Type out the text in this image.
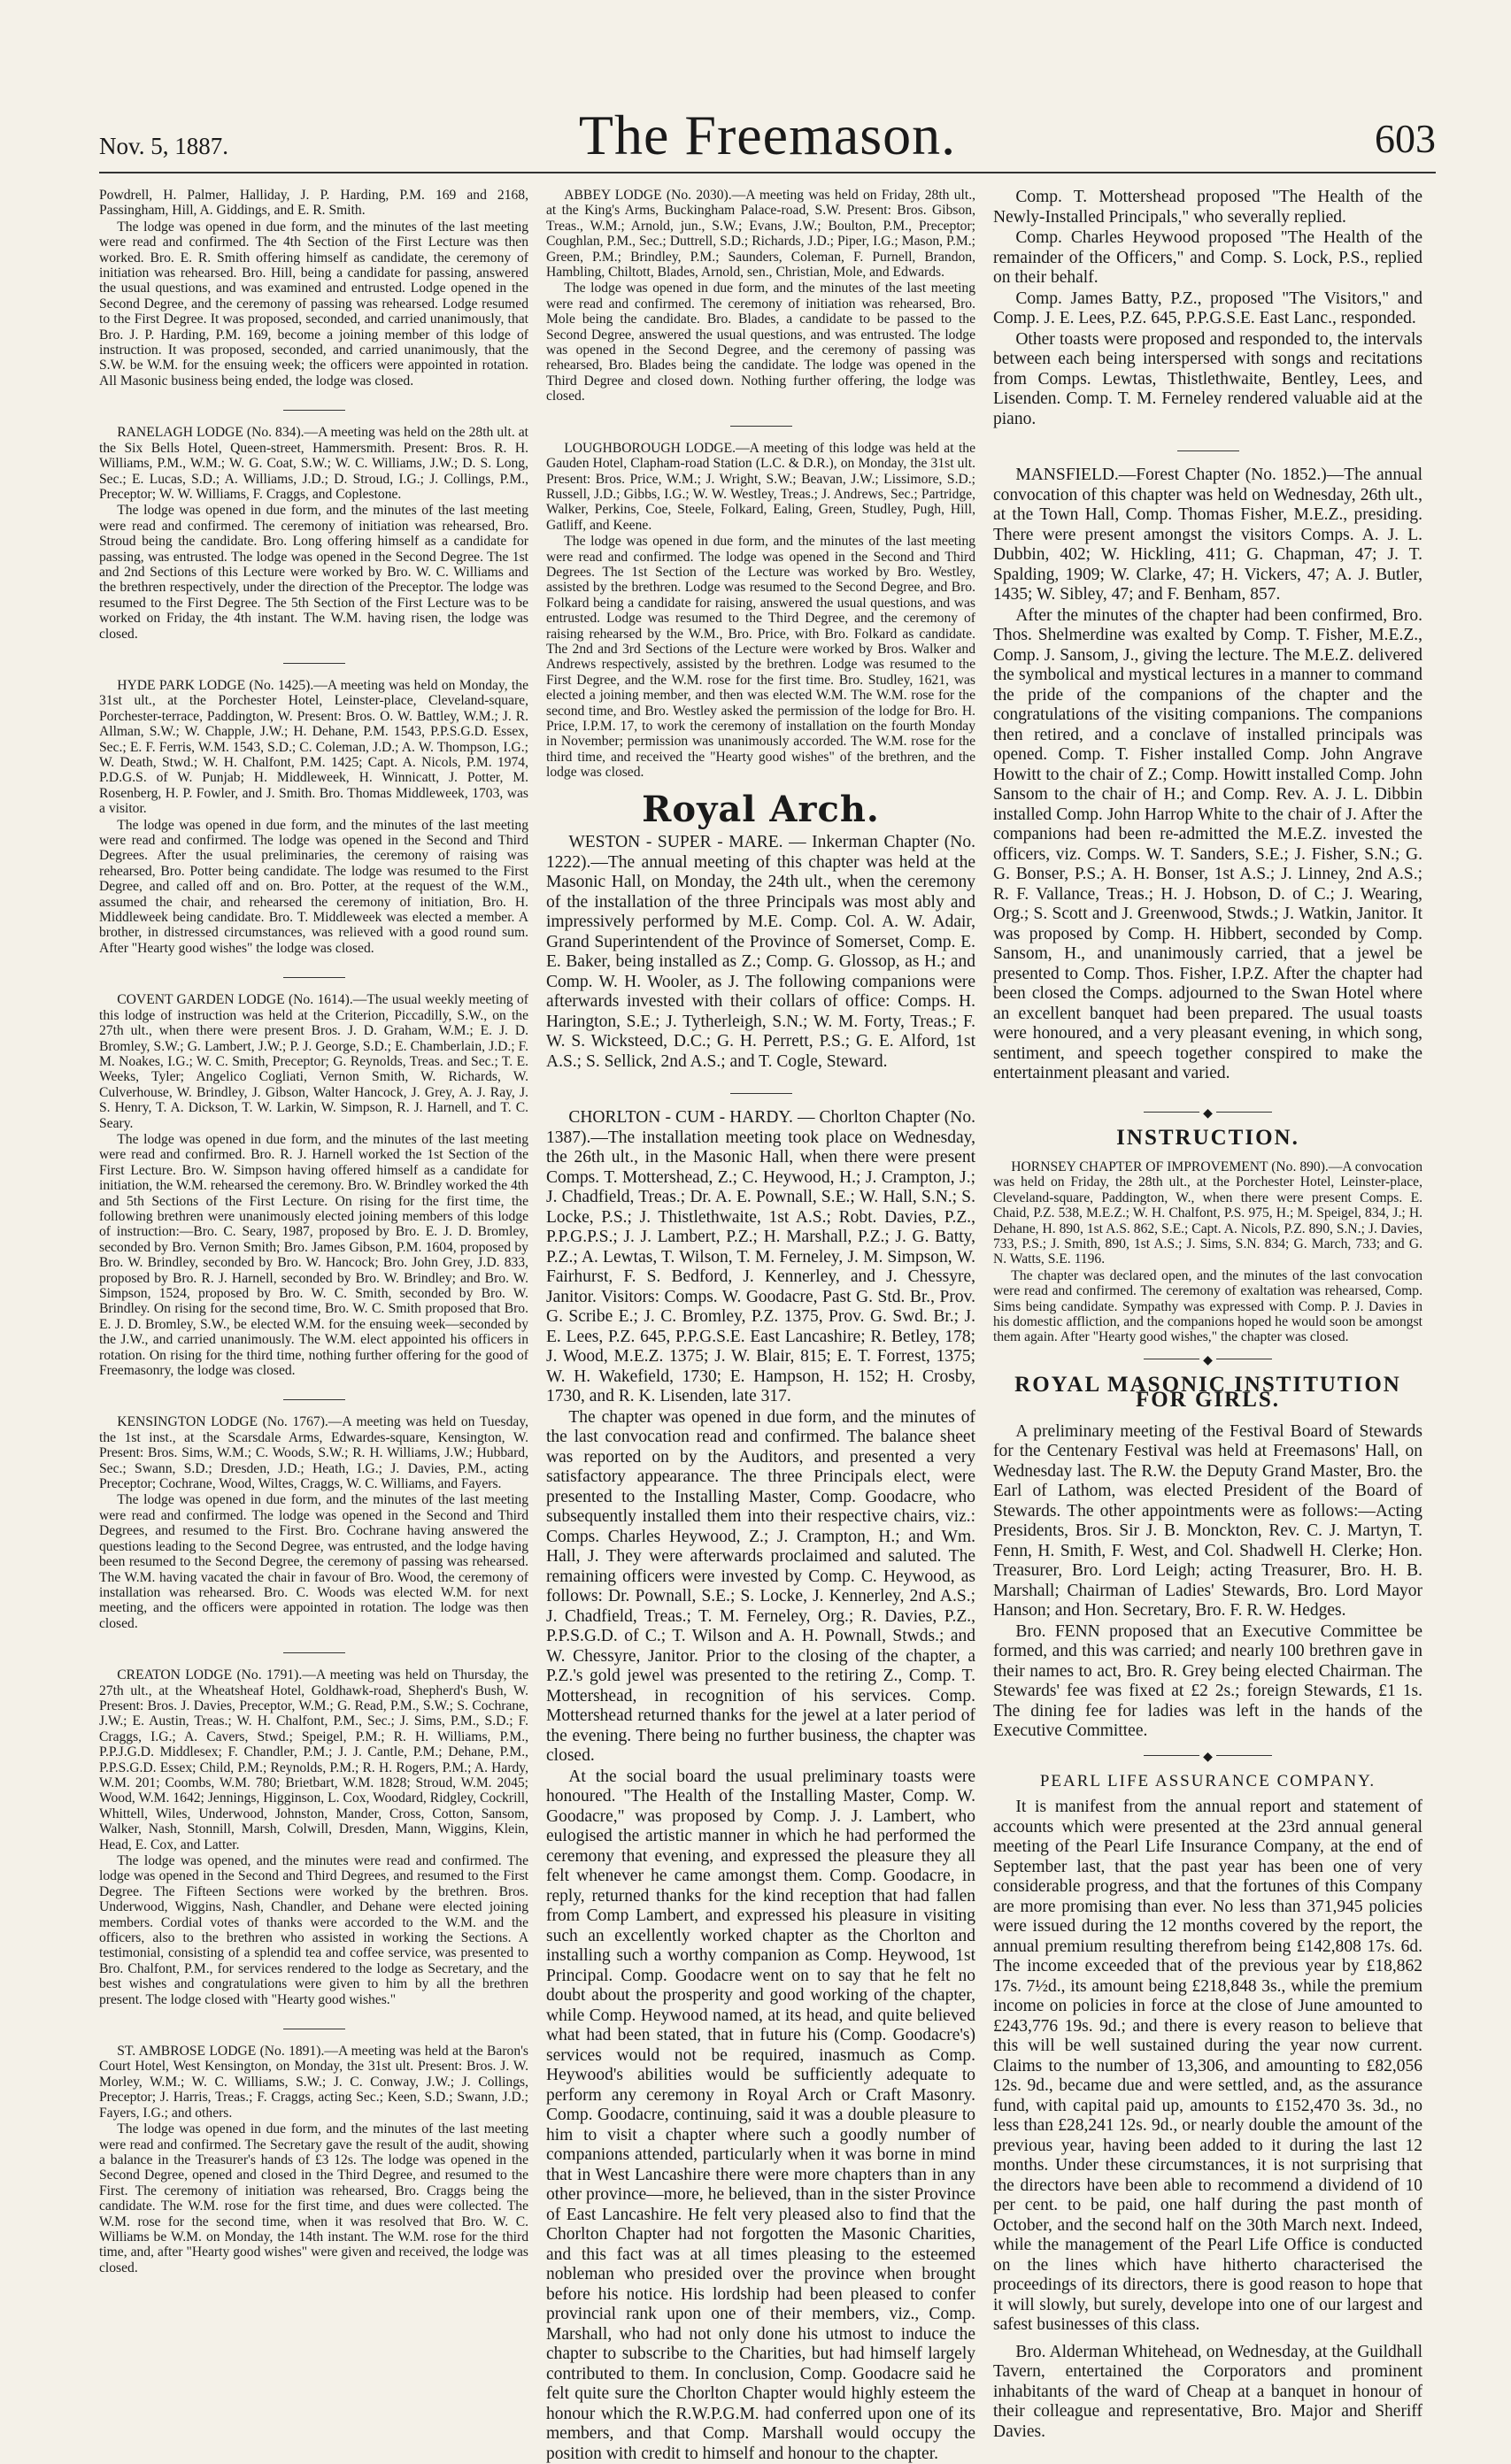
Nov. 5, 1887.	The Freemason.	603

Powdrell, H. Palmer, Halliday, J. P. Harding, P.M. 169 and 2168, Passingham, Hill, A. Giddings, and E. R. Smith.

The lodge was opened in due form, and the minutes of the last meeting were read and confirmed. The 4th Section of the First Lecture was then worked. Bro. E. R. Smith offering himself as candidate, the ceremony of initiation was rehearsed. Bro. Hill, being a candidate for passing, answered the usual questions, and was examined and entrusted. Lodge opened in the Second Degree, and the ceremony of passing was rehearsed. Lodge resumed to the First Degree. It was proposed, seconded, and carried unanimously, that Bro. J. P. Harding, P.M. 169, become a joining member of this lodge of instruction. It was proposed, seconded, and carried unanimously, that the S.W. be W.M. for the ensuing week; the officers were appointed in rotation. All Masonic business being ended, the lodge was closed.

RANELAGH LODGE (No. 834).—A meeting was held on the 28th ult. at the Six Bells Hotel, Queen-street, Hammersmith. Present: Bros. R. H. Williams, P.M., W.M.; W. G. Coat, S.W.; W. C. Williams, J.W.; D. S. Long, Sec.; E. Lucas, S.D.; A. Williams, J.D.; D. Stroud, I.G.; J. Collings, P.M., Preceptor; W. W. Williams, F. Craggs, and Coplestone.

The lodge was opened in due form, and the minutes of the last meeting were read and confirmed. The ceremony of initiation was rehearsed, Bro. Stroud being the candidate. Bro. Long offering himself as a candidate for passing, was entrusted. The lodge was opened in the Second Degree. The 1st and 2nd Sections of this Lecture were worked by Bro. W. C. Williams and the brethren respectively, under the direction of the Preceptor. The lodge was resumed to the First Degree. The 5th Section of the First Lecture was to be worked on Friday, the 4th instant. The W.M. having risen, the lodge was closed.

HYDE PARK LODGE (No. 1425).—A meeting was held on Monday, the 31st ult., at the Porchester Hotel, Leinster-place, Cleveland-square, Porchester-terrace, Paddington, W. Present: Bros. O. W. Battley, W.M.; J. R. Allman, S.W.; W. Chapple, J.W.; H. Dehane, P.M. 1543, P.P.S.G.D. Essex, Sec.; E. F. Ferris, W.M. 1543, S.D.; C. Coleman, J.D.; A. W. Thompson, I.G.; W. Death, Stwd.; W. H. Chalfont, P.M. 1425; Capt. A. Nicols, P.M. 1974, P.D.G.S. of W. Punjab; H. Middleweek, H. Winnicatt, J. Potter, M. Rosenberg, H. P. Fowler, and J. Smith. Bro. Thomas Middleweek, 1703, was a visitor.

The lodge was opened in due form, and the minutes of the last meeting were read and confirmed. The lodge was opened in the Second and Third Degrees. After the usual preliminaries, the ceremony of raising was rehearsed, Bro. Potter being candidate. The lodge was resumed to the First Degree, and called off and on. Bro. Potter, at the request of the W.M., assumed the chair, and rehearsed the ceremony of initiation, Bro. H. Middleweek being candidate. Bro. T. Middleweek was elected a member. A brother, in distressed circumstances, was relieved with a good round sum. After "Hearty good wishes" the lodge was closed.

COVENT GARDEN LODGE (No. 1614).—The usual weekly meeting of this lodge of instruction was held at the Criterion, Piccadilly, S.W., on the 27th ult., when there were present Bros. J. D. Graham, W.M.; E. J. D. Bromley, S.W.; G. Lambert, J.W.; P. J. George, S.D.; E. Chamberlain, J.D.; F. M. Noakes, I.G.; W. C. Smith, Preceptor; G. Reynolds, Treas. and Sec.; T. E. Weeks, Tyler; Angelico Cogliati, Vernon Smith, W. Richards, W. Culverhouse, W. Brindley, J. Gibson, Walter Hancock, J. Grey, A. J. Ray, J. S. Henry, T. A. Dickson, T. W. Larkin, W. Simpson, R. J. Harnell, and T. C. Seary.

The lodge was opened in due form, and the minutes of the last meeting were read and confirmed. Bro. R. J. Harnell worked the 1st Section of the First Lecture. Bro. W. Simpson having offered himself as a candidate for initiation, the W.M. rehearsed the ceremony. Bro. W. Brindley worked the 4th and 5th Sections of the First Lecture. On rising for the first time, the following brethren were unanimously elected joining members of this lodge of instruction:—Bro. C. Seary, 1987, proposed by Bro. E. J. D. Bromley, seconded by Bro. Vernon Smith; Bro. James Gibson, P.M. 1604, proposed by Bro. W. Brindley, seconded by Bro. W. Hancock; Bro. John Grey, J.D. 833, proposed by Bro. R. J. Harnell, seconded by Bro. W. Brindley; and Bro. W. Simpson, 1524, proposed by Bro. W. C. Smith, seconded by Bro. W. Brindley. On rising for the second time, Bro. W. C. Smith proposed that Bro. E. J. D. Bromley, S.W., be elected W.M. for the ensuing week—seconded by the J.W., and carried unanimously. The W.M. elect appointed his officers in rotation. On rising for the third time, nothing further offering for the good of Freemasonry, the lodge was closed.

KENSINGTON LODGE (No. 1767).—A meeting was held on Tuesday, the 1st inst., at the Scarsdale Arms, Edwardes-square, Kensington, W. Present: Bros. Sims, W.M.; C. Woods, S.W.; R. H. Williams, J.W.; Hubbard, Sec.; Swann, S.D.; Dresden, J.D.; Heath, I.G.; J. Davies, P.M., acting Preceptor; Cochrane, Wood, Wiltes, Craggs, W. C. Williams, and Fayers.

The lodge was opened in due form, and the minutes of the last meeting were read and confirmed. The lodge was opened in the Second and Third Degrees, and resumed to the First. Bro. Cochrane having answered the questions leading to the Second Degree, was entrusted, and the lodge having been resumed to the Second Degree, the ceremony of passing was rehearsed. The W.M. having vacated the chair in favour of Bro. Wood, the ceremony of installation was rehearsed. Bro. C. Woods was elected W.M. for next meeting, and the officers were appointed in rotation. The lodge was then closed.

CREATON LODGE (No. 1791).—A meeting was held on Thursday, the 27th ult., at the Wheatsheaf Hotel, Goldhawk-road, Shepherd's Bush, W. Present: Bros. J. Davies, Preceptor, W.M.; G. Read, P.M., S.W.; S. Cochrane, J.W.; E. Austin, Treas.; W. H. Chalfont, P.M., Sec.; J. Sims, P.M., S.D.; F. Craggs, I.G.; A. Cavers, Stwd.; Speigel, P.M.; R. H. Williams, P.M., P.P.J.G.D. Middlesex; F. Chandler, P.M.; J. J. Cantle, P.M.; Dehane, P.M., P.P.S.G.D. Essex; Child, P.M.; Reynolds, P.M.; R. H. Rogers, P.M.; A. Hardy, W.M. 201; Coombs, W.M. 780; Brietbart, W.M. 1828; Stroud, W.M. 2045; Wood, W.M. 1642; Jennings, Higginson, L. Cox, Woodard, Ridgley, Cockrill, Whittell, Wiles, Underwood, Johnston, Mander, Cross, Cotton, Sansom, Walker, Nash, Stonnill, Marsh, Colwill, Dresden, Mann, Wiggins, Klein, Head, E. Cox, and Latter.

The lodge was opened, and the minutes were read and confirmed. The lodge was opened in the Second and Third Degrees, and resumed to the First Degree. The Fifteen Sections were worked by the brethren. Bros. Underwood, Wiggins, Nash, Chandler, and Dehane were elected joining members. Cordial votes of thanks were accorded to the W.M. and the officers, also to the brethren who assisted in working the Sections. A testimonial, consisting of a splendid tea and coffee service, was presented to Bro. Chalfont, P.M., for services rendered to the lodge as Secretary, and the best wishes and congratulations were given to him by all the brethren present. The lodge closed with "Hearty good wishes."

ST. AMBROSE LODGE (No. 1891).—A meeting was held at the Baron's Court Hotel, West Kensington, on Monday, the 31st ult. Present: Bros. J. W. Morley, W.M.; W. C. Williams, S.W.; J. C. Conway, J.W.; J. Collings, Preceptor; J. Harris, Treas.; F. Craggs, acting Sec.; Keen, S.D.; Swann, J.D.; Fayers, I.G.; and others.

The lodge was opened in due form, and the minutes of the last meeting were read and confirmed. The Secretary gave the result of the audit, showing a balance in the Treasurer's hands of £3 12s. The lodge was opened in the Second Degree, opened and closed in the Third Degree, and resumed to the First. The ceremony of initiation was rehearsed, Bro. Craggs being the candidate. The W.M. rose for the first time, and dues were collected. The W.M. rose for the second time, when it was resolved that Bro. W. C. Williams be W.M. on Monday, the 14th instant. The W.M. rose for the third time, and, after "Hearty good wishes" were given and received, the lodge was closed.

ABBEY LODGE (No. 2030).—A meeting was held on Friday, 28th ult., at the King's Arms, Buckingham Palace-road, S.W. Present: Bros. Gibson, Treas., W.M.; Arnold, jun., S.W.; Evans, J.W.; Boulton, P.M., Preceptor; Coughlan, P.M., Sec.; Duttrell, S.D.; Richards, J.D.; Piper, I.G.; Mason, P.M.; Green, P.M.; Brindley, P.M.; Saunders, Coleman, F. Purnell, Brandon, Hambling, Chiltott, Blades, Arnold, sen., Christian, Mole, and Edwards.

The lodge was opened in due form, and the minutes of the last meeting were read and confirmed. The ceremony of initiation was rehearsed, Bro. Mole being the candidate. Bro. Blades, a candidate to be passed to the Second Degree, answered the usual questions, and was entrusted. The lodge was opened in the Second Degree, and the ceremony of passing was rehearsed, Bro. Blades being the candidate. The lodge was opened in the Third Degree and closed down. Nothing further offering, the lodge was closed.

LOUGHBOROUGH LODGE.—A meeting of this lodge was held at the Gauden Hotel, Clapham-road Station (L.C. & D.R.), on Monday, the 31st ult. Present: Bros. Price, W.M.; J. Wright, S.W.; Beavan, J.W.; Lissimore, S.D.; Russell, J.D.; Gibbs, I.G.; W. W. Westley, Treas.; J. Andrews, Sec.; Partridge, Walker, Perkins, Coe, Steele, Folkard, Ealing, Green, Studley, Pugh, Hill, Gatliff, and Keene.

The lodge was opened in due form, and the minutes of the last meeting were read and confirmed. The lodge was opened in the Second and Third Degrees. The 1st Section of the Lecture was worked by Bro. Westley, assisted by the brethren. Lodge was resumed to the Second Degree, and Bro. Folkard being a candidate for raising, answered the usual questions, and was entrusted. Lodge was resumed to the Third Degree, and the ceremony of raising rehearsed by the W.M., Bro. Price, with Bro. Folkard as candidate. The 2nd and 3rd Sections of the Lecture were worked by Bros. Walker and Andrews respectively, assisted by the brethren. Lodge was resumed to the First Degree, and the W.M. rose for the first time. Bro. Studley, 1621, was elected a joining member, and then was elected W.M. The W.M. rose for the second time, and Bro. Westley asked the permission of the lodge for Bro. H. Price, I.P.M. 17, to work the ceremony of installation on the fourth Monday in November; permission was unanimously accorded. The W.M. rose for the third time, and received the "Hearty good wishes" of the brethren, and the lodge was closed.

Royal Arch.

WESTON - SUPER - MARE. — Inkerman Chapter (No. 1222).—The annual meeting of this chapter was held at the Masonic Hall, on Monday, the 24th ult., when the ceremony of the installation of the three Principals was most ably and impressively performed by M.E. Comp. Col. A. W. Adair, Grand Superintendent of the Province of Somerset, Comp. E. E. Baker, being installed as Z.; Comp. G. Glossop, as H.; and Comp. W. H. Wooler, as J. The following companions were afterwards invested with their collars of office: Comps. H. Harington, S.E.; J. Tytherleigh, S.N.; W. M. Forty, Treas.; F. W. S. Wicksteed, D.C.; G. H. Perrett, P.S.; G. E. Alford, 1st A.S.; S. Sellick, 2nd A.S.; and T. Cogle, Steward.

CHORLTON - CUM - HARDY. — Chorlton Chapter (No. 1387).—The installation meeting took place on Wednesday, the 26th ult., in the Masonic Hall, when there were present Comps. T. Mottershead, Z.; C. Heywood, H.; J. Crampton, J.; J. Chadfield, Treas.; Dr. A. E. Pownall, S.E.; W. Hall, S.N.; S. Locke, P.S.; J. Thistlethwaite, 1st A.S.; Robt. Davies, P.Z., P.P.G.P.S.; J. J. Lambert, P.Z.; H. Marshall, P.Z.; J. G. Batty, P.Z.; A. Lewtas, T. Wilson, T. M. Ferneley, J. M. Simpson, W. Fairhurst, F. S. Bedford, J. Kennerley, and J. Chessyre, Janitor. Visitors: Comps. W. Goodacre, Past G. Std. Br., Prov. G. Scribe E.; J. C. Bromley, P.Z. 1375, Prov. G. Swd. Br.; J. E. Lees, P.Z. 645, P.P.G.S.E. East Lancashire; R. Betley, 178; J. Wood, M.E.Z. 1375; J. W. Blair, 815; E. T. Forrest, 1375; W. H. Wakefield, 1730; E. Hampson, H. 152; H. Crosby, 1730, and R. K. Lisenden, late 317.

The chapter was opened in due form, and the minutes of the last convocation read and confirmed. The balance sheet was reported on by the Auditors, and presented a very satisfactory appearance. The three Principals elect, were presented to the Installing Master, Comp. Goodacre, who subsequently installed them into their respective chairs, viz.: Comps. Charles Heywood, Z.; J. Crampton, H.; and Wm. Hall, J. They were afterwards proclaimed and saluted. The remaining officers were invested by Comp. C. Heywood, as follows: Dr. Pownall, S.E.; S. Locke, J. Kennerley, 2nd A.S.; J. Chadfield, Treas.; T. M. Ferneley, Org.; R. Davies, P.Z., P.P.S.G.D. of C.; T. Wilson and A. H. Pownall, Stwds.; and W. Chessyre, Janitor. Prior to the closing of the chapter, a P.Z.'s gold jewel was presented to the retiring Z., Comp. T. Mottershead, in recognition of his services. Comp. Mottershead returned thanks for the jewel at a later period of the evening. There being no further business, the chapter was closed.

At the social board the usual preliminary toasts were honoured. "The Health of the Installing Master, Comp. W. Goodacre," was proposed by Comp. J. J. Lambert, who eulogised the artistic manner in which he had performed the ceremony that evening, and expressed the pleasure they all felt whenever he came amongst them. Comp. Goodacre, in reply, returned thanks for the kind reception that had fallen from Comp Lambert, and expressed his pleasure in visiting such an excellently worked chapter as the Chorlton and installing such a worthy companion as Comp. Heywood, 1st Principal. Comp. Goodacre went on to say that he felt no doubt about the prosperity and good working of the chapter, while Comp. Heywood named, at its head, and quite believed what had been stated, that in future his (Comp. Goodacre's) services would not be required, inasmuch as Comp. Heywood's abilities would be sufficiently adequate to perform any ceremony in Royal Arch or Craft Masonry. Comp. Goodacre, continuing, said it was a double pleasure to him to visit a chapter where such a goodly number of companions attended, particularly when it was borne in mind that in West Lancashire there were more chapters than in any other province—more, he believed, than in the sister Province of East Lancashire. He felt very pleased also to find that the Chorlton Chapter had not forgotten the Masonic Charities, and this fact was at all times pleasing to the esteemed nobleman who presided over the province when brought before his notice. His lordship had been pleased to confer provincial rank upon one of their members, viz., Comp. Marshall, who had not only done his utmost to induce the chapter to subscribe to the Charities, but had himself largely contributed to them. In conclusion, Comp. Goodacre said he felt quite sure the Chorlton Chapter would highly esteem the honour which the R.W.P.G.M. had conferred upon one of its members, and that Comp. Marshall would occupy the position with credit to himself and honour to the chapter.

Comp. T. Mottershead proposed "The Health of the Newly-Installed Principals," who severally replied.

Comp. Charles Heywood proposed "The Health of the remainder of the Officers," and Comp. S. Lock, P.S., replied on their behalf.

Comp. James Batty, P.Z., proposed "The Visitors," and Comp. J. E. Lees, P.Z. 645, P.P.G.S.E. East Lanc., responded.

Other toasts were proposed and responded to, the intervals between each being interspersed with songs and recitations from Comps. Lewtas, Thistlethwaite, Bentley, Lees, and Lisenden. Comp. T. M. Ferneley rendered valuable aid at the piano.

MANSFIELD.—Forest Chapter (No. 1852.)—The annual convocation of this chapter was held on Wednesday, 26th ult., at the Town Hall, Comp. Thomas Fisher, M.E.Z., presiding. There were present amongst the visitors Comps. A. J. L. Dubbin, 402; W. Hickling, 411; G. Chapman, 47; J. T. Spalding, 1909; W. Clarke, 47; H. Vickers, 47; A. J. Butler, 1435; W. Sibley, 47; and F. Benham, 857.

After the minutes of the chapter had been confirmed, Bro. Thos. Shelmerdine was exalted by Comp. T. Fisher, M.E.Z., Comp. J. Sansom, J., giving the lecture. The M.E.Z. delivered the symbolical and mystical lectures in a manner to command the pride of the companions of the chapter and the congratulations of the visiting companions. The companions then retired, and a conclave of installed principals was opened. Comp. T. Fisher installed Comp. John Angrave Howitt to the chair of Z.; Comp. Howitt installed Comp. John Sansom to the chair of H.; and Comp. Rev. A. J. L. Dibbin installed Comp. John Harrop White to the chair of J. After the companions had been re-admitted the M.E.Z. invested the officers, viz. Comps. W. T. Sanders, S.E.; J. Fisher, S.N.; G. G. Bonser, P.S.; A. H. Bonser, 1st A.S.; J. Linney, 2nd A.S.; R. F. Vallance, Treas.; H. J. Hobson, D. of C.; J. Wearing, Org.; S. Scott and J. Greenwood, Stwds.; J. Watkin, Janitor. It was proposed by Comp. H. Hibbert, seconded by Comp. Sansom, H., and unanimously carried, that a jewel be presented to Comp. Thos. Fisher, I.P.Z. After the chapter had been closed the Comps. adjourned to the Swan Hotel where an excellent banquet had been prepared. The usual toasts were honoured, and a very pleasant evening, in which song, sentiment, and speech together conspired to make the entertainment pleasant and varied.

◆
INSTRUCTION.

HORNSEY CHAPTER OF IMPROVEMENT (No. 890).—A convocation was held on Friday, the 28th ult., at the Porchester Hotel, Leinster-place, Cleveland-square, Paddington, W., when there were present Comps. E. Chaid, P.Z. 538, M.E.Z.; W. H. Chalfont, P.S. 975, H.; M. Speigel, 834, J.; H. Dehane, H. 890, 1st A.S. 862, S.E.; Capt. A. Nicols, P.Z. 890, S.N.; J. Davies, 733, P.S.; J. Smith, 890, 1st A.S.; J. Sims, S.N. 834; G. March, 733; and G. N. Watts, S.E. 1196.

The chapter was declared open, and the minutes of the last convocation were read and confirmed. The ceremony of exaltation was rehearsed, Comp. Sims being candidate. Sympathy was expressed with Comp. P. J. Davies in his domestic affliction, and the companions hoped he would soon be amongst them again. After "Hearty good wishes," the chapter was closed.

◆
ROYAL MASONIC INSTITUTION FOR GIRLS.

A preliminary meeting of the Festival Board of Stewards for the Centenary Festival was held at Freemasons' Hall, on Wednesday last. The R.W. the Deputy Grand Master, Bro. the Earl of Lathom, was elected President of the Board of Stewards. The other appointments were as follows:—Acting Presidents, Bros. Sir J. B. Monckton, Rev. C. J. Martyn, T. Fenn, H. Smith, F. West, and Col. Shadwell H. Clerke; Hon. Treasurer, Bro. Lord Leigh; acting Treasurer, Bro. H. B. Marshall; Chairman of Ladies' Stewards, Bro. Lord Mayor Hanson; and Hon. Secretary, Bro. F. R. W. Hedges.

Bro. FENN proposed that an Executive Committee be formed, and this was carried; and nearly 100 brethren gave in their names to act, Bro. R. Grey being elected Chairman. The Stewards' fee was fixed at £2 2s.; foreign Stewards, £1 1s. The dining fee for ladies was left in the hands of the Executive Committee.

◆
PEARL LIFE ASSURANCE COMPANY.

It is manifest from the annual report and statement of accounts which were presented at the 23rd annual general meeting of the Pearl Life Insurance Company, at the end of September last, that the past year has been one of very considerable progress, and that the fortunes of this Company are more promising than ever. No less than 371,945 policies were issued during the 12 months covered by the report, the annual premium resulting therefrom being £142,808 17s. 6d. The income exceeded that of the previous year by £18,862 17s. 7½d., its amount being £218,848 3s., while the premium income on policies in force at the close of June amounted to £243,776 19s. 9d.; and there is every reason to believe that this will be well sustained during the year now current. Claims to the number of 13,306, and amounting to £82,056 12s. 9d., became due and were settled, and, as the assurance fund, with capital paid up, amounts to £152,470 3s. 3d., no less than £28,241 12s. 9d., or nearly double the amount of the previous year, having been added to it during the last 12 months. Under these circumstances, it is not surprising that the directors have been able to recommend a dividend of 10 per cent. to be paid, one half during the past month of October, and the second half on the 30th March next. Indeed, while the management of the Pearl Life Office is conducted on the lines which have hitherto characterised the proceedings of its directors, there is good reason to hope that it will slowly, but surely, develope into one of our largest and safest businesses of this class.

Bro. Alderman Whitehead, on Wednesday, at the Guildhall Tavern, entertained the Corporators and prominent inhabitants of the ward of Cheap at a banquet in honour of their colleague and representative, Bro. Major and Sheriff Davies.
